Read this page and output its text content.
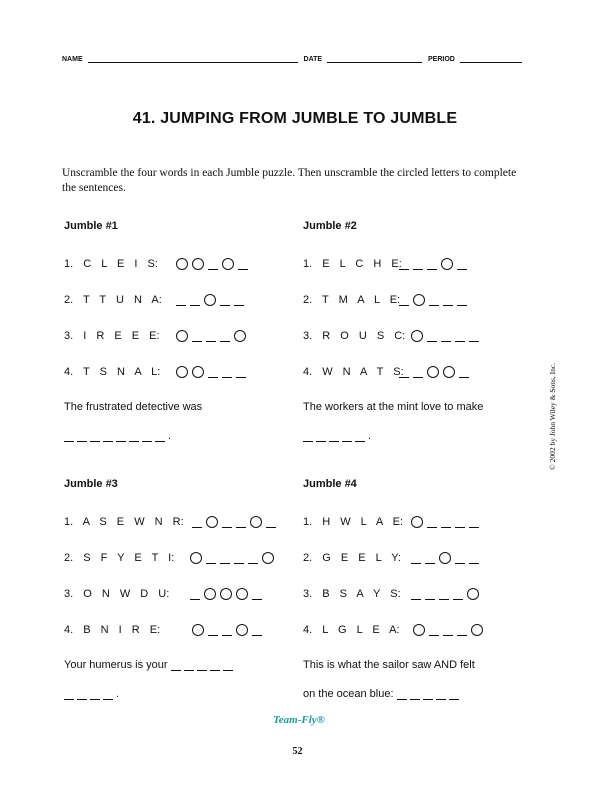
NAME	DATE	PERIOD
41. JUMPING FROM JUMBLE TO JUMBLE
Unscramble the four words in each Jumble puzzle. Then unscramble the circled letters to complete the sentences.
Jumble #1
1. C L E I S:
2. T T U N A:
3. I R E E E:
4. T S N A L:
The frustrated detective was
.
Jumble #2
1. E L C H E:
2. T M A L E:
3. R O U S C:
4. W N A T S:
The workers at the mint love to make
.
Jumble #3
1. A S E W N R:
2. S F Y E T I:
3. O N W D U:
4. B N I R E:
Your humerus is your
.
Jumble #4
1. H W L A E:
2. G E E L Y:
3. B S A Y S:
4. L G L E A:
This is what the sailor saw AND felt
on the ocean blue:
© 2002 by John Wiley & Sons, Inc.
Team-Fly®
52
